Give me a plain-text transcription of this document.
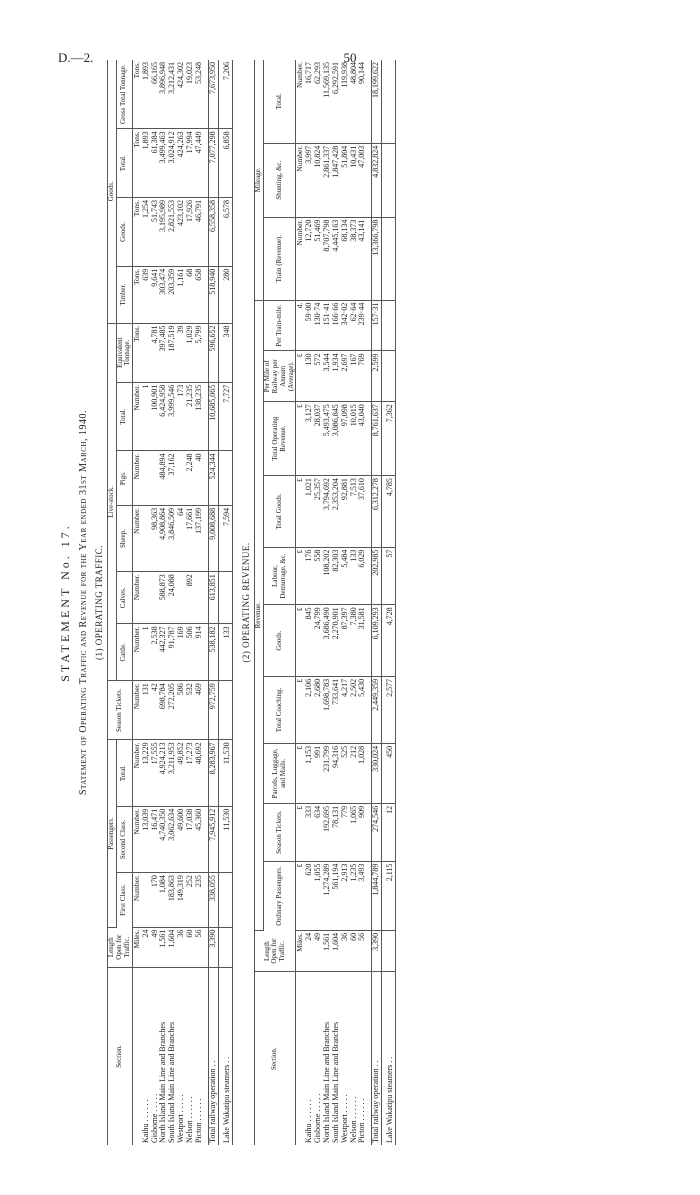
D.—2.	50
STATEMENT No. 17. Statement of Operating Traffic and Revenue for the Year ended 31st March, 1940. (1) OPERATING TRAFFIC.
Section.	Length Open for Traffic.	Passengers.			Season Tickets.	Live-stock.						Goods.			
		First Class.	Second Class.	Total.		Cattle.	Calves.	Sheep.	Pigs.	Total.	Equivalent Tonnage.	Timber.	Goods.	Total.	Gross Total Tonnage.
	Miles.	Number.	Number.	Number.	Number.	Number.	Number.	Number.	Number.	Number.	Tons.	Tons.	Tons.	Tons.	Tons.
Kaihu . . . . . .	24		13,039	13,229	131	1				1		639	1,254	1,893	1,893
Gisborne . . . . .	49	170	16,471	17,555	42	2,538		98,363		100,901	4,781	9,641	51,743	61,384	66,165
North Island Main Line and Branches	1,561	1,084	4,740,350	4,924,213	698,784	442,327	588,873	4,908,864	484,894	6,424,958	397,485	303,474	3,195,989	3,499,463	3,896,948
South Island Main Line and Branches	1,604	183,863	3,062,634	3,211,953	272,205	91,787	24,088	3,846,509	37,162	3,999,546	187,519	203,359	2,821,553	3,024,912	3,212,431
Westport . . . . .	36	149,319	49,600	49,852	586	169		64		173	39	1,161	423,102	424,263	424,302
Nelson . . . . . .	60	252	17,038	17,273	532	506	892	17,661	2,248	21,235	1,029	68	17,926	17,994	19,023
Picton . . . . . .	56	235	45,360	48,692	469	914		137,199	40	138,235	5,799	658	46,791	47,449	53,248

Total railway operation . .	3,390	338,055	7,945,912	8,283,967	972,759	538,182	613,851	9,008,688	524,344	10,685,065	596,652	518,940	6,558,358	7,077,298	7,673,950

Lake Wakatipu steamers . .			11,530	11,530		133		7,594		7,727	348	280	6,578	6,858	7,206
(2) OPERATING REVENUE.
Section.	Length Open for Traffic.	Revenue.										Mileage.		
		Ordinary Passengers.	Season Tickets.	Parcels, Luggage, and Mails.	Total Coaching.	Goods.	Labour, Demurrage, &c.	Total Goods.	Total Operating Revenue.	Per Mile of Railway per Annum (Average).	Per Train-mile.	Train (Revenue).	Shunting, &c.	Total.
	Miles.	£	£	£	£	£	£	£	£	£	d.	Number.	Number.	Number.
Kaihu . . . . . .	24	620	333	1,153	2,106	845	176	1,021	3,127	130	59·00	12,720	3,997	16,717
Gisborne . . . . .	49	1,055	634	991	2,680	24,799	558	25,357	28,037	572	130·74	51,469	10,824	62,293
North Island Main Line and Branches	1,561	1,274,289	192,695	231,799	1,698,783	3,686,490	108,202	3,794,692	5,493,475	3,544	151·41	8,707,798	2,861,337	11,569,135
South Island Main Line and Branches	1,604	561,194	78,131	94,316	733,641	2,270,901	82,303	2,353,204	3,086,845	1,934	166·66	4,445,163	1,847,428	6,292,591
Westport . . . . .	36	2,913	779	525	4,217	87,397	5,484	92,881	97,098	2,697	342·02	68,134	51,804	119,938
Nelson . . . . . .	60	1,235	1,065	212	2,502	7,380	133	7,513	10,015	167	62·64	38,373	10,431	48,804
Picton . . . . . .	56	3,493	909	1,028	5,430	31,581	6,029	37,610	43,040	769	239·44	43,141	47,003	90,144

Total railway operation . .	3,390	1,844,789	274,546	330,024	2,449,359	6,109,293	202,985	6,312,278	8,761,637	2,599	157·31	13,366,798	4,832,824	18,199,622

Lake Wakatipu steamers . .		2,115	12	450	2,577	4,728	57	4,785	7,362					
